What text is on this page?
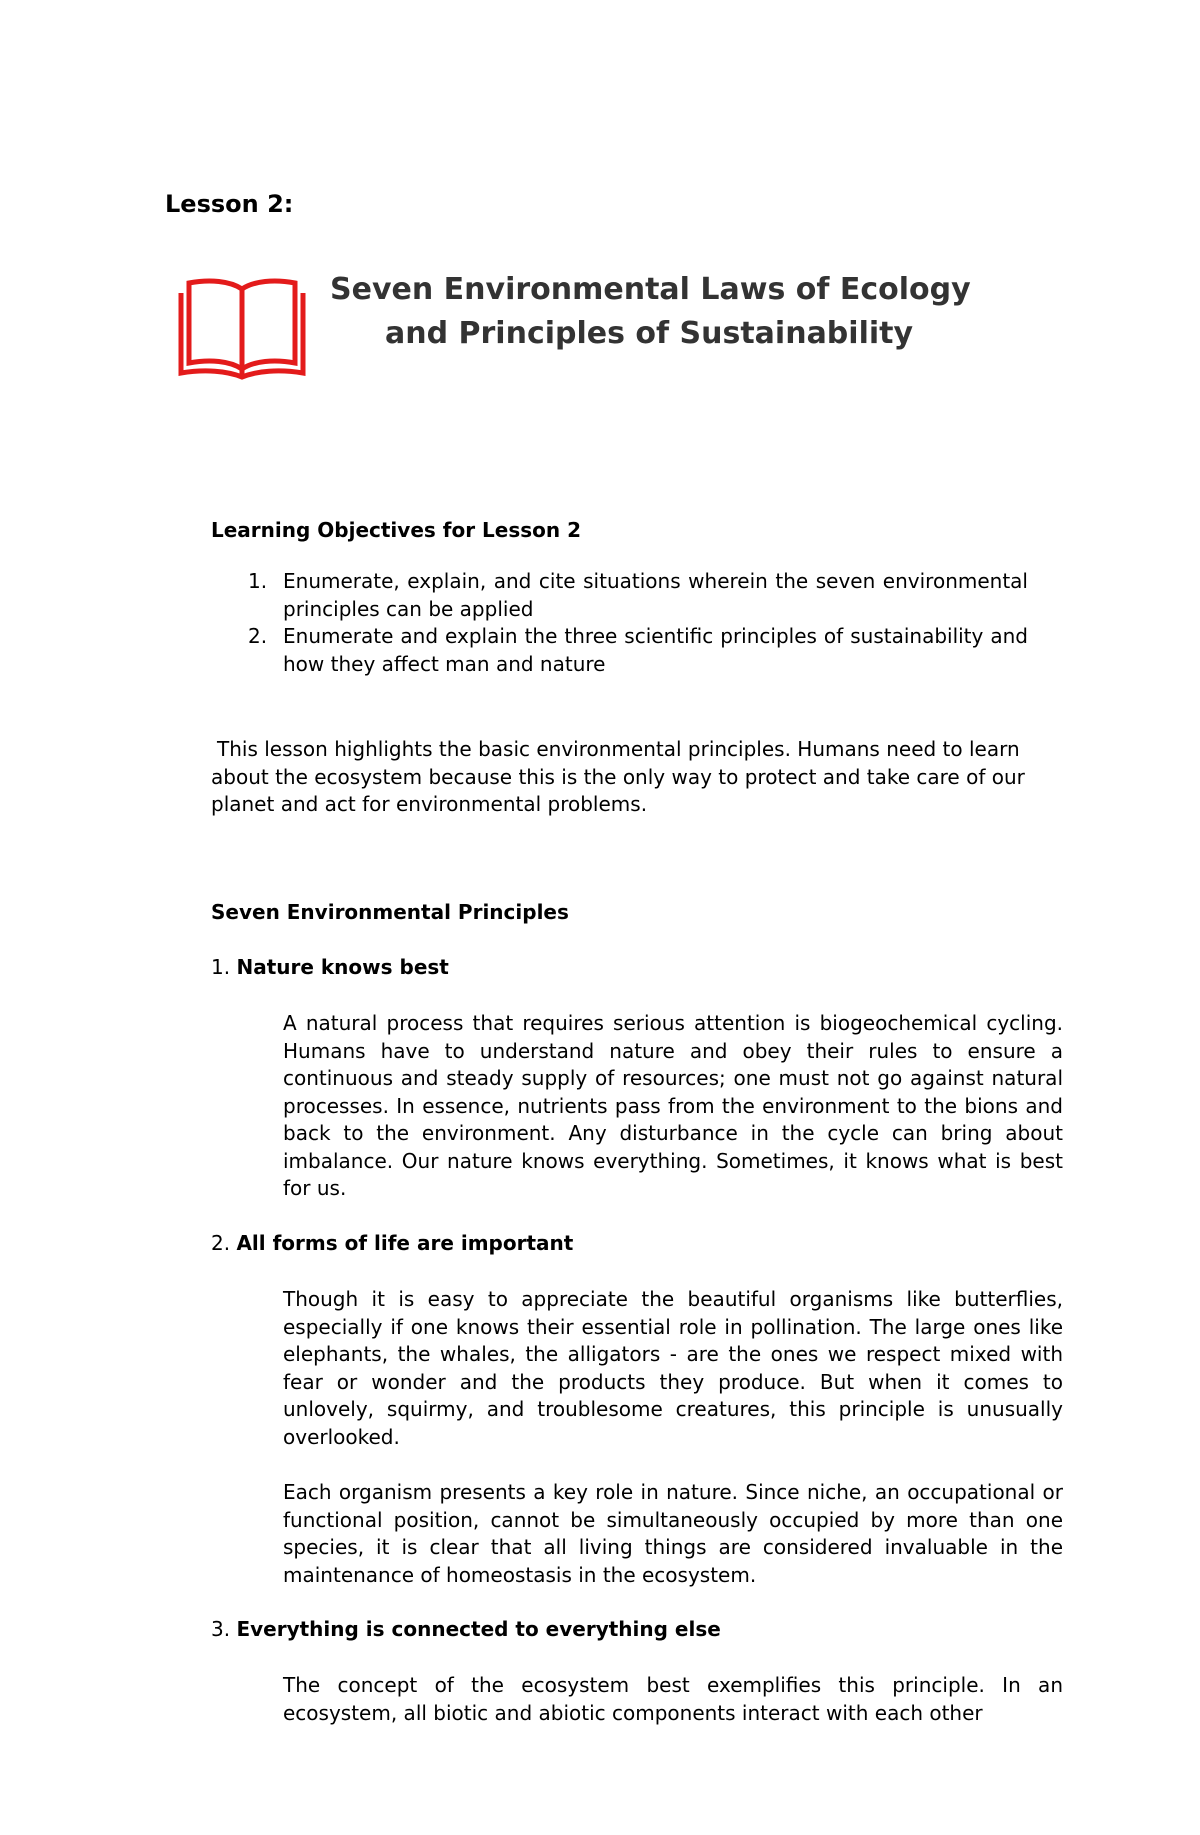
Lesson 2:
Seven Environmental Laws of Ecology
and Principles of Sustainability
Learning Objectives for Lesson 2
1. Enumerate, explain, and cite situations wherein the seven environmental principles can be applied
2. Enumerate and explain the three scientific principles of sustainability and how they affect man and nature

This lesson highlights the basic environmental principles. Humans need to learn about the ecosystem because this is the only way to protect and take care of our planet and act for environmental problems.

Seven Environmental Principles
1. Nature knows best

A natural process that requires serious attention is biogeochemical cycling. Humans have to understand nature and obey their rules to ensure a continuous and steady supply of resources; one must not go against natural processes. In essence, nutrients pass from the environment to the bions and back to the environment. Any disturbance in the cycle can bring about imbalance. Our nature knows everything. Sometimes, it knows what is best for us.

2. All forms of life are important

Though it is easy to appreciate the beautiful organisms like butterflies, especially if one knows their essential role in pollination. The large ones like elephants, the whales, the alligators - are the ones we respect mixed with fear or wonder and the products they produce. But when it comes to unlovely, squirmy, and troublesome creatures, this principle is unusually overlooked.

Each organism presents a key role in nature. Since niche, an occupational or functional position, cannot be simultaneously occupied by more than one species, it is clear that all living things are considered invaluable in the maintenance of homeostasis in the ecosystem.

3. Everything is connected to everything else

The concept of the ecosystem best exemplifies this principle. In an ecosystem, all biotic and abiotic components interact with each other
